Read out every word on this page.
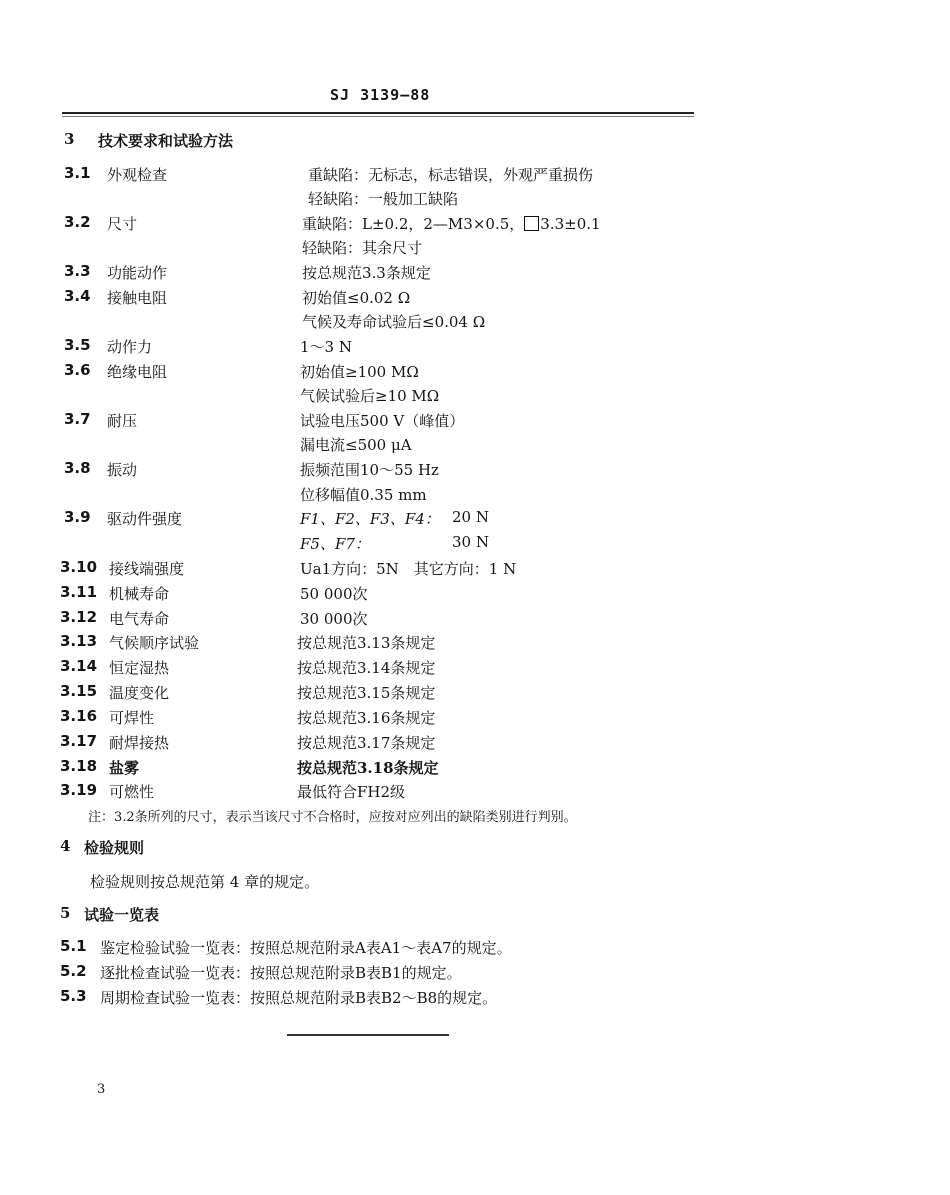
SJ 3139—88
3 技术要求和试验方法
3.1 外观检查	重缺陷：无标志，标志错误，外观严重损伤
轻缺陷：一般加工缺陷
3.2 尺寸	重缺陷：L±0.2，2—M3×0.5， 3.3±0.1
轻缺陷：其余尺寸
3.3 功能动作	按总规范3.3条规定
3.4 接触电阻	初始值≤0.02 Ω
气候及寿命试验后≤0.04 Ω
3.5 动作力	1～3 N
3.6 绝缘电阻	初始值≥100 MΩ
气候试验后≥10 MΩ
3.7 耐压	试验电压500 V（峰值）
漏电流≤500 μA
3.8 振动	振频范围10～55 Hz
位移幅值0.35 mm
3.9 驱动件强度	F1、F2、F3、F4： 20 N
F5、F7：	30 N
3.10 接线端强度	Ua1方向：5N　其它方向：1 N
3.11 机械寿命	50 000次
3.12 电气寿命	30 000次
3.13 气候顺序试验	按总规范3.13条规定
3.14 恒定湿热	按总规范3.14条规定
3.15 温度变化	按总规范3.15条规定
3.16 可焊性	按总规范3.16条规定
3.17 耐焊接热	按总规范3.17条规定
3.18 盐雾	按总规范3.18条规定
3.19 可燃性	最低符合FH2级
注：3.2条所列的尺寸，表示当该尺寸不合格时，应按对应列出的缺陷类别进行判别。
4 检验规则
检验规则按总规范第 4 章的规定。
5 试验一览表
5.1 鉴定检验试验一览表：按照总规范附录A表A1～表A7的规定。
5.2 逐批检查试验一览表：按照总规范附录B表B1的规定。
5.3 周期检查试验一览表：按照总规范附录B表B2～B8的规定。
3
